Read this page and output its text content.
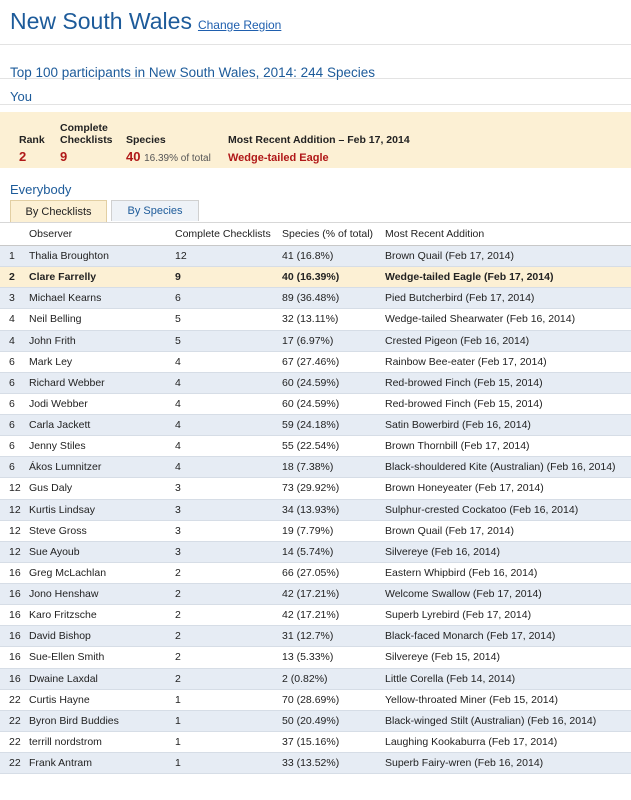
New South Wales Change Region
Top 100 participants in New South Wales, 2014: 244 Species
You
Rank
2
Complete
Checklists
9
Species
40 16.39% of total
Most Recent Addition – Feb 17, 2014
Wedge-tailed Eagle
Everybody
By Checklists	By Species
	Observer	Complete Checklists	Species (% of total)	Most Recent Addition
1	Thalia Broughton	12	41 (16.8%)	Brown Quail (Feb 17, 2014)
2	Clare Farrelly	9	40 (16.39%)	Wedge-tailed Eagle (Feb 17, 2014)
3	Michael Kearns	6	89 (36.48%)	Pied Butcherbird (Feb 17, 2014)
4	Neil Belling	5	32 (13.11%)	Wedge-tailed Shearwater (Feb 16, 2014)
4	John Frith	5	17 (6.97%)	Crested Pigeon (Feb 16, 2014)
6	Mark Ley	4	67 (27.46%)	Rainbow Bee-eater (Feb 17, 2014)
6	Richard Webber	4	60 (24.59%)	Red-browed Finch (Feb 15, 2014)
6	Jodi Webber	4	60 (24.59%)	Red-browed Finch (Feb 15, 2014)
6	Carla Jackett	4	59 (24.18%)	Satin Bowerbird (Feb 16, 2014)
6	Jenny Stiles	4	55 (22.54%)	Brown Thornbill (Feb 17, 2014)
6	Ákos Lumnitzer	4	18 (7.38%)	Black-shouldered Kite (Australian) (Feb 16, 2014)
12	Gus Daly	3	73 (29.92%)	Brown Honeyeater (Feb 17, 2014)
12	Kurtis Lindsay	3	34 (13.93%)	Sulphur-crested Cockatoo (Feb 16, 2014)
12	Steve Gross	3	19 (7.79%)	Brown Quail (Feb 17, 2014)
12	Sue Ayoub	3	14 (5.74%)	Silvereye (Feb 16, 2014)
16	Greg McLachlan	2	66 (27.05%)	Eastern Whipbird (Feb 16, 2014)
16	Jono Henshaw	2	42 (17.21%)	Welcome Swallow (Feb 17, 2014)
16	Karo Fritzsche	2	42 (17.21%)	Superb Lyrebird (Feb 17, 2014)
16	David Bishop	2	31 (12.7%)	Black-faced Monarch (Feb 17, 2014)
16	Sue-Ellen Smith	2	13 (5.33%)	Silvereye (Feb 15, 2014)
16	Dwaine Laxdal	2	2 (0.82%)	Little Corella (Feb 14, 2014)
22	Curtis Hayne	1	70 (28.69%)	Yellow-throated Miner (Feb 15, 2014)
22	Byron Bird Buddies	1	50 (20.49%)	Black-winged Stilt (Australian) (Feb 16, 2014)
22	terrill nordstrom	1	37 (15.16%)	Laughing Kookaburra (Feb 17, 2014)
22	Frank Antram	1	33 (13.52%)	Superb Fairy-wren (Feb 16, 2014)
